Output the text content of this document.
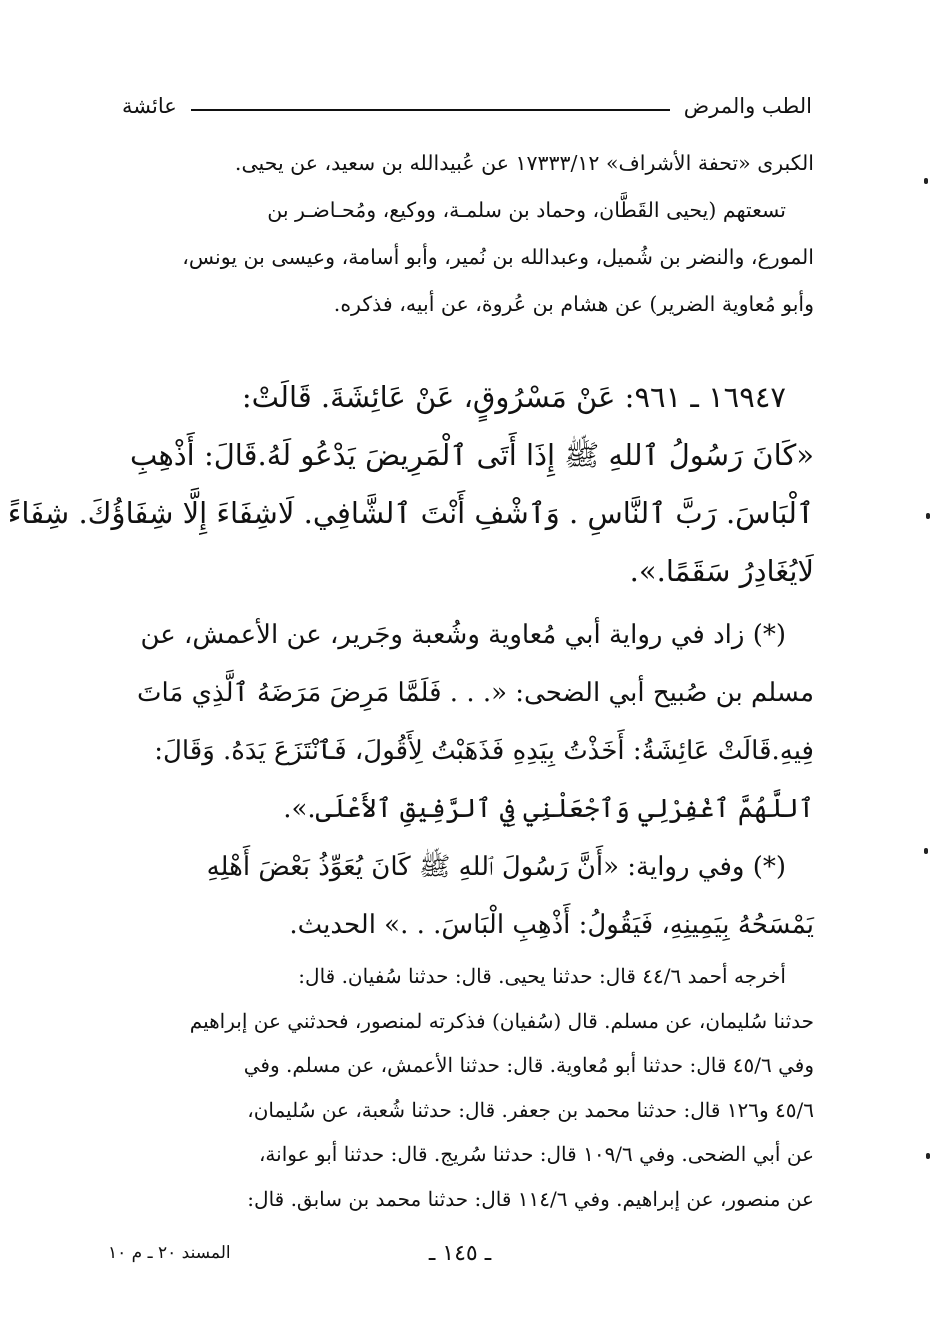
الطب والمرض
عائشة
الكبرى «تحفة الأشراف» ١٧٣٣٣/١٢ عن عُبيدالله بن سعيد، عن يحيى.
تسعتهم (يحيى القَطَّان، وحماد بن سلمـة، ووكيع، ومُحـاضـر بن
المورع، والنضر بن شُميل، وعبدالله بن نُمير، وأبو أسامة، وعيسى بن يونس،
وأبو مُعاوية الضرير) عن هشام بن عُروة، عن أبيه، فذكره.
١٦٩٤٧ ـ ٩٦١: عَنْ مَسْرُوقٍ، عَنْ عَائِشَةَ. قَالَتْ:
«كَانَ رَسُولُ ٱللهِ ﷺ إِذَا أَتَى ٱلْمَرِيضَ يَدْعُو لَهُ.قَالَ: أَذْهِبِ
ٱلْبَاسَ. رَبَّ ٱلنَّاسِ . وَٱشْفِ أَنْتَ ٱلشَّافِي. لَاشِفَاءَ إِلَّا شِفَاؤُكَ. شِفَاءً
لَايُغَادِرُ سَقَمًا.».
(*) زاد في رواية أبي مُعاوية وشُعبة وجَرير، عن الأعمش، عن
مسلم بن صُبيح أبي الضحى: «. . . فَلَمَّا مَرِضَ مَرَضَهُ ٱلَّذِي مَاتَ
فِيهِ.قَالَتْ عَائِشَةُ: أَخَذْتُ بِيَدِهِ فَذَهَبْتُ لِأَقُولَ، فَٱنْتَزَعَ يَدَهُ. وَقَالَ:
ٱللَّهُمَّ ٱغْفِرْلِي وَٱجْعَلْنِي فِي ٱلرَّفِيقِ ٱلأَعْلَى.».
(*) وفي رواية: «أَنَّ رَسُولَ ٱللهِ ﷺ كَانَ يُعَوِّذُ بَعْضَ أَهْلِهِ
يَمْسَحُهُ بِيَمِينِهِ، فَيَقُولُ: أَذْهِبِ الْبَاسَ. . .» الحديث.
أخرجه أحمد ٤٤/٦ قال: حدثنا يحيى. قال: حدثنا سُفيان. قال:
حدثنا سُليمان، عن مسلم. قال (سُفيان) فذكرته لمنصور، فحدثني عن إبراهيم
وفي ٤٥/٦ قال: حدثنا أبو مُعاوية. قال: حدثنا الأعمش، عن مسلم. وفي
٤٥/٦ و١٢٦ قال: حدثنا محمد بن جعفر. قال: حدثنا شُعبة، عن سُليمان،
عن أبي الضحى. وفي ١٠٩/٦ قال: حدثنا سُريج. قال: حدثنا أبو عوانة،
عن منصور، عن إبراهيم. وفي ١١٤/٦ قال: حدثنا محمد بن سابق. قال:
ـ ١٤٥ ـ
المسند ٢٠ ـ م ١٠
